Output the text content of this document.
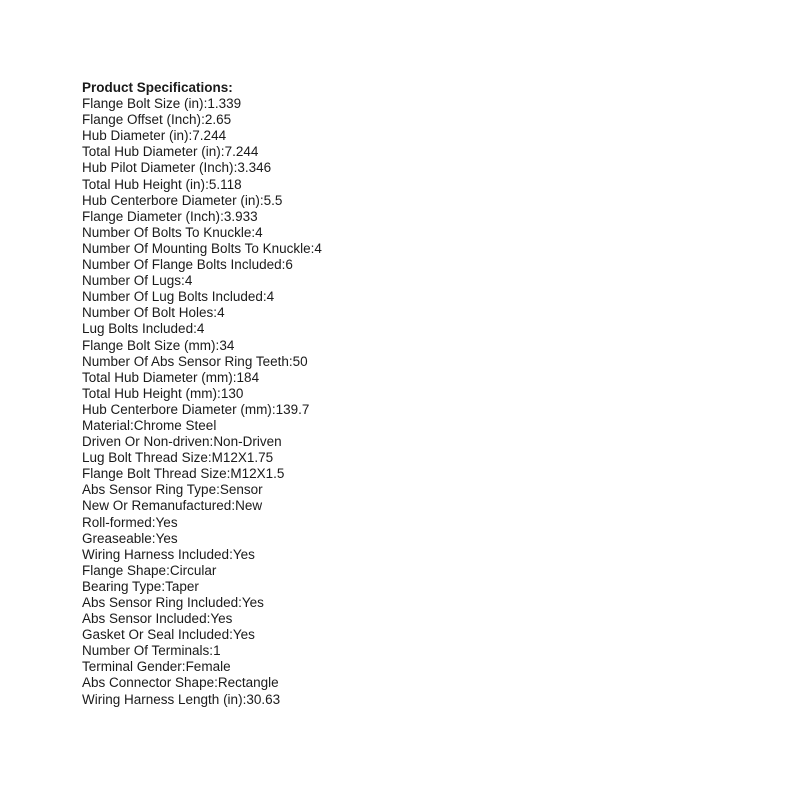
Product Specifications:
Flange Bolt Size (in):1.339
Flange Offset (Inch):2.65
Hub Diameter (in):7.244
Total Hub Diameter (in):7.244
Hub Pilot Diameter (Inch):3.346
Total Hub Height (in):5.118
Hub Centerbore Diameter (in):5.5
Flange Diameter (Inch):3.933
Number Of Bolts To Knuckle:4
Number Of Mounting Bolts To Knuckle:4
Number Of Flange Bolts Included:6
Number Of Lugs:4
Number Of Lug Bolts Included:4
Number Of Bolt Holes:4
Lug Bolts Included:4
Flange Bolt Size (mm):34
Number Of Abs Sensor Ring Teeth:50
Total Hub Diameter (mm):184
Total Hub Height (mm):130
Hub Centerbore Diameter (mm):139.7
Material:Chrome Steel
Driven Or Non-driven:Non-Driven
Lug Bolt Thread Size:M12X1.75
Flange Bolt Thread Size:M12X1.5
Abs Sensor Ring Type:Sensor
New Or Remanufactured:New
Roll-formed:Yes
Greaseable:Yes
Wiring Harness Included:Yes
Flange Shape:Circular
Bearing Type:Taper
Abs Sensor Ring Included:Yes
Abs Sensor Included:Yes
Gasket Or Seal Included:Yes
Number Of Terminals:1
Terminal Gender:Female
Abs Connector Shape:Rectangle
Wiring Harness Length (in):30.63
